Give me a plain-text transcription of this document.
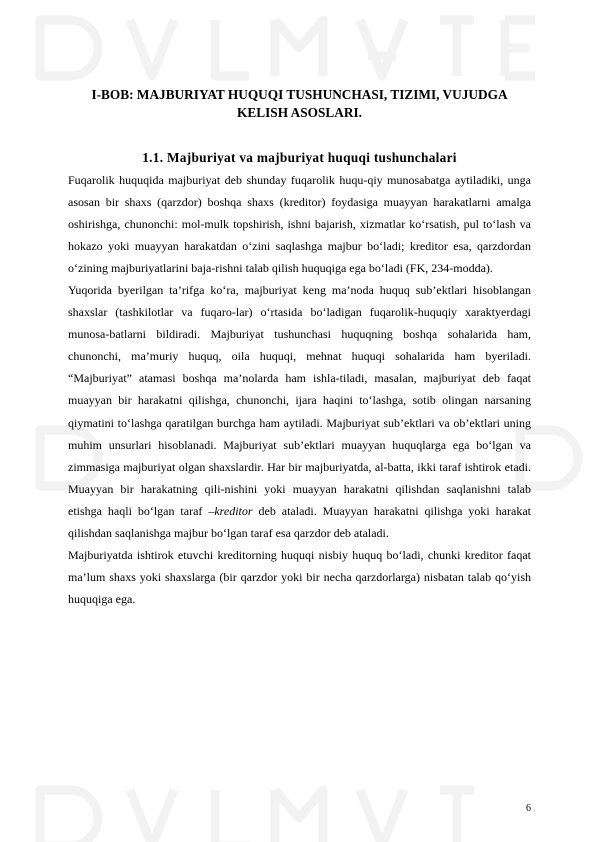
I-BOB: MAJBURIYAT HUQUQI TUSHUNCHASI, TIZIMI, VUJUDGA KELISH ASOSLARI.
1.1. Majburiyat va majburiyat huquqi tushunchalari

Fuqarolik huquqida majburiyat deb shunday fuqarolik huqu-qiy munosabatga aytiladiki, unga asosan bir shaxs (qarzdor) boshqa shaxs (kreditor) foydasiga muayyan harakatlarni amalga oshirishga, chunonchi: mol-mulk topshirish, ishni bajarish, xizmatlar ko‘rsatish, pul to‘lash va hokazo yoki muayyan harakatdan o‘zini saqlashga majbur bo‘ladi; kreditor esa, qarzdordan o‘zining majburiyatlarini baja-rishni talab qilish huquqiga ega bo‘ladi (FK, 234-modda).

Yuqorida byerilgan ta’rifga ko‘ra, majburiyat keng ma’noda huquq sub’ektlari hisoblangan shaxslar (tashkilotlar va fuqaro-lar) o‘rtasida bo‘ladigan fuqarolik-huquqiy xaraktyerdagi munosa-batlarni bildiradi. Majburiyat tushunchasi huquqning boshqa sohalarida ham, chunonchi, ma’muriy huquq, oila huquqi, mehnat huquqi sohalarida ham byeriladi. “Majburiyat” atamasi boshqa ma’nolarda ham ishla-tiladi, masalan, majburiyat deb faqat muayyan bir harakatni qilishga, chunonchi, ijara haqini to‘lashga, sotib olingan narsaning qiymatini to‘lashga qaratilgan burchga ham aytiladi. Majburiyat sub’ektlari va ob’ektlari uning muhim unsurlari hisoblanadi. Majburiyat sub’ektlari muayyan huquqlarga ega bo‘lgan va zimmasiga majburiyat olgan shaxslardir. Har bir majburiyatda, al-batta, ikki taraf ishtirok etadi. Muayyan bir harakatning qili-nishini yoki muayyan harakatni qilishdan saqlanishni talab etishga haqli bo‘lgan taraf –kreditor deb ataladi. Muayyan harakatni qilishga yoki harakat qilishdan saqlanishga majbur bo‘lgan taraf esa qarzdor deb ataladi.

Majburiyatda ishtirok etuvchi kreditorning huquqi nisbiy huquq bo‘ladi, chunki kreditor faqat ma’lum shaxs yoki shaxslarga (bir qarzdor yoki bir necha qarzdorlarga) nisbatan talab qo‘yish huquqiga ega.

6
